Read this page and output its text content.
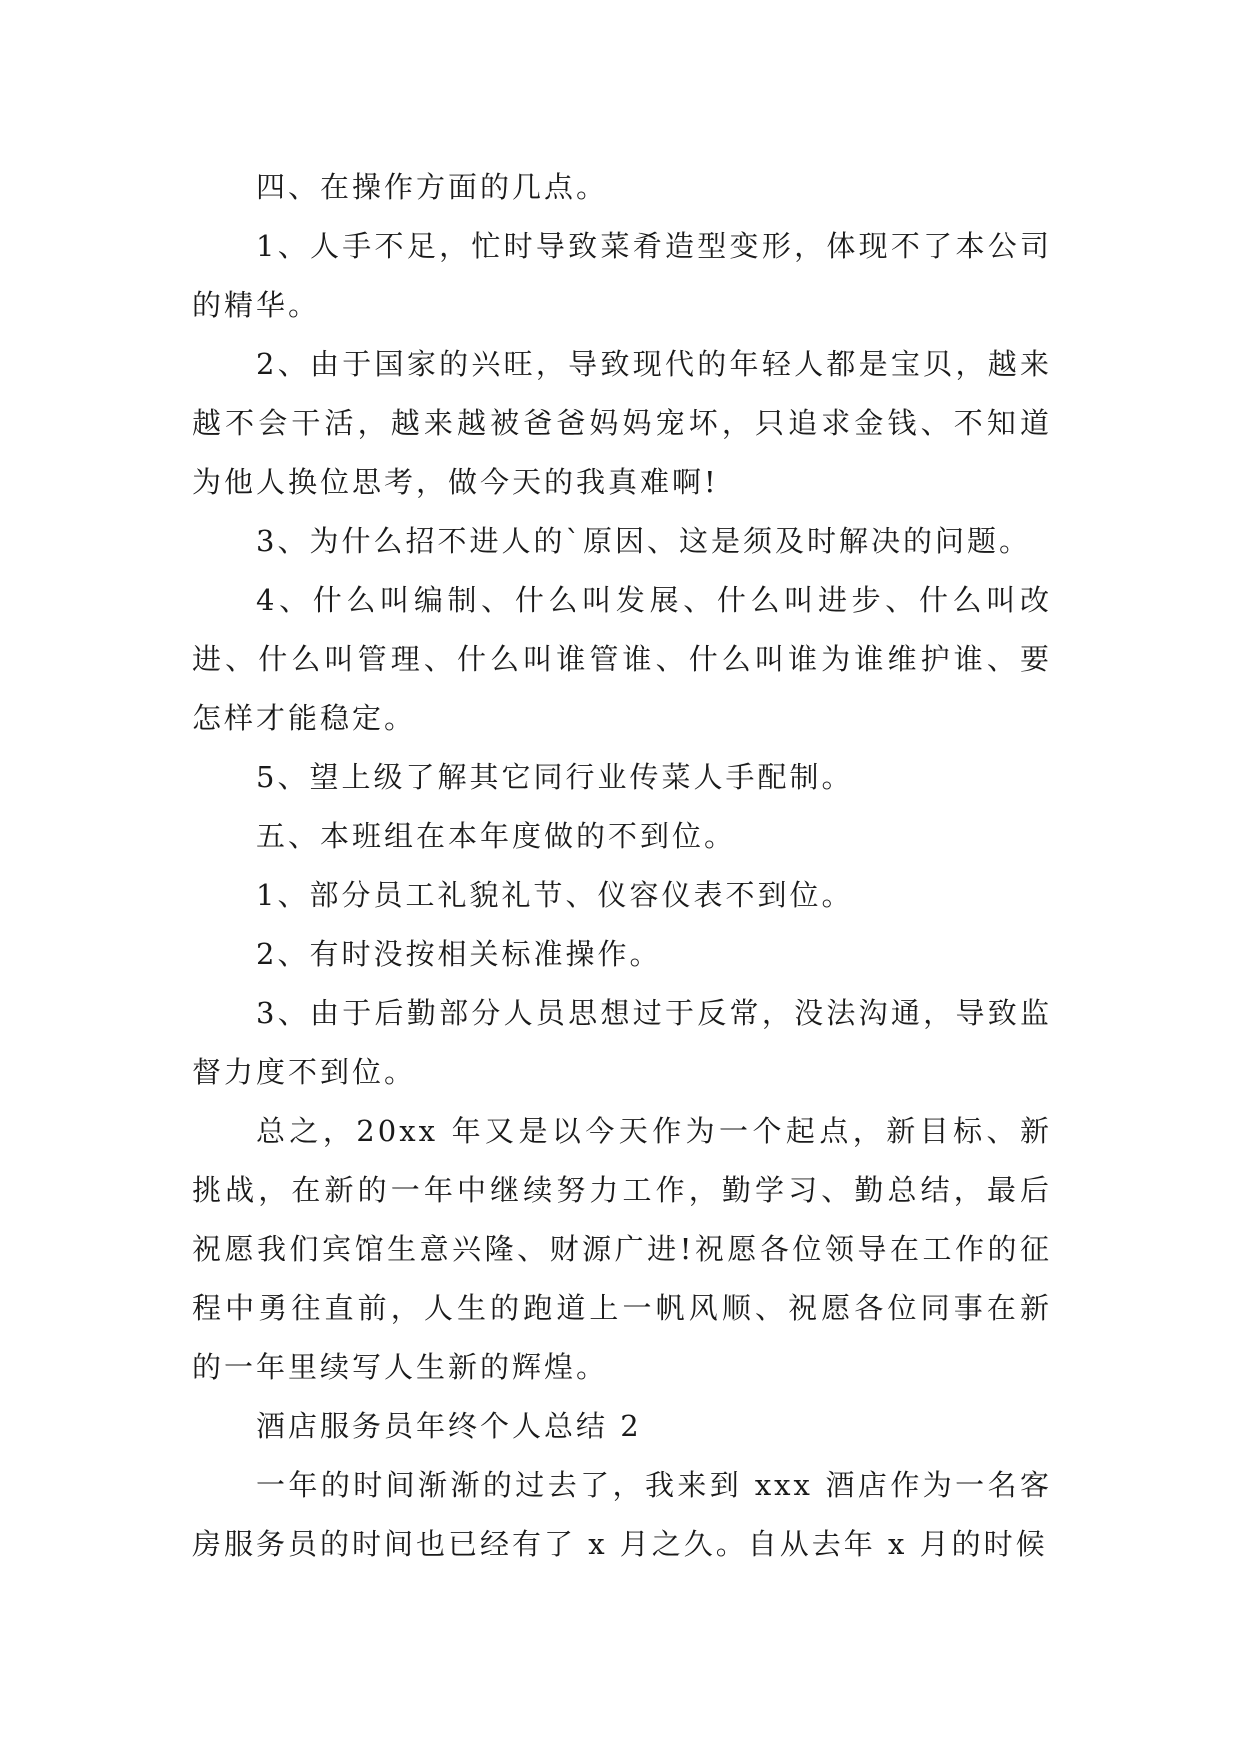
四、在操作方面的几点。

1、人手不足，忙时导致菜肴造型变形，体现不了本公司的精华。

2、由于国家的兴旺，导致现代的年轻人都是宝贝，越来越不会干活，越来越被爸爸妈妈宠坏，只追求金钱、不知道为他人换位思考，做今天的我真难啊!

3、为什么招不进人的`原因、这是须及时解决的问题。

4、什么叫编制、什么叫发展、什么叫进步、什么叫改进、什么叫管理、什么叫谁管谁、什么叫谁为谁维护谁、要怎样才能稳定。

5、望上级了解其它同行业传菜人手配制。

五、本班组在本年度做的不到位。

1、部分员工礼貌礼节、仪容仪表不到位。

2、有时没按相关标准操作。

3、由于后勤部分人员思想过于反常，没法沟通，导致监督力度不到位。

总之，20xx 年又是以今天作为一个起点，新目标、新挑战，在新的一年中继续努力工作，勤学习、勤总结，最后祝愿我们宾馆生意兴隆、财源广进!祝愿各位领导在工作的征程中勇往直前，人生的跑道上一帆风顺、祝愿各位同事在新的一年里续写人生新的辉煌。

酒店服务员年终个人总结 2

一年的时间渐渐的过去了，我来到 xxx 酒店作为一名客房服务员的时间也已经有了 x 月之久。自从去年 x 月的时候
